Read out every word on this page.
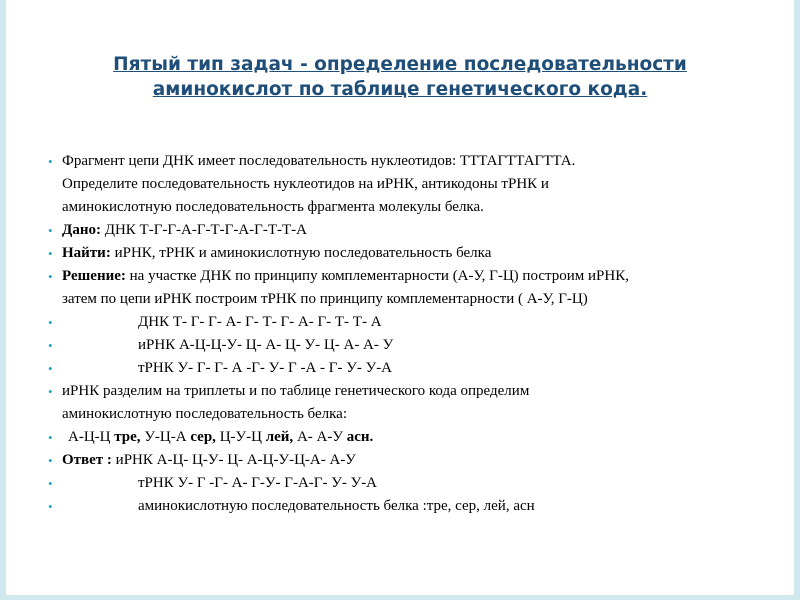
Пятый тип задач - определение последовательности
аминокислот по таблице генетического кода.
• Фрагмент цепи ДНК имеет последовательность нуклеотидов: ТТТАГТТАГТТА.
Определите последовательность нуклеотидов на иРНК, антикодоны тРНК и
аминокислотную последовательность фрагмента молекулы белка.
• Дано: ДНК Т-Г-Г-А-Г-Т-Г-А-Г-Т-Т-А
• Найти: иРНК, тРНК и аминокислотную последовательность белка
• Решение: на участке ДНК по принципу комплементарности (А-У, Г-Ц) построим иРНК,
затем по цепи иРНК построим тРНК по принципу комплементарности ( А-У, Г-Ц)
•	ДНК Т- Г- Г- А- Г- Т- Г- А- Г- Т- Т- А
•	иРНК А-Ц-Ц-У- Ц- А- Ц- У- Ц- А- А- У
•	тРНК У- Г- Г- А -Г- У- Г -А - Г- У- У-А
• иРНК разделим на триплеты и по таблице генетического кода определим
аминокислотную последовательность белка:
• А-Ц-Ц тре, У-Ц-А сер, Ц-У-Ц лей, А- А-У асн.
• Ответ : иРНК А-Ц- Ц-У- Ц- А-Ц-У-Ц-А- А-У
•	тРНК У- Г -Г- А- Г-У- Г-А-Г- У- У-А
•	аминокислотную последовательность белка :тре, сер, лей, асн
